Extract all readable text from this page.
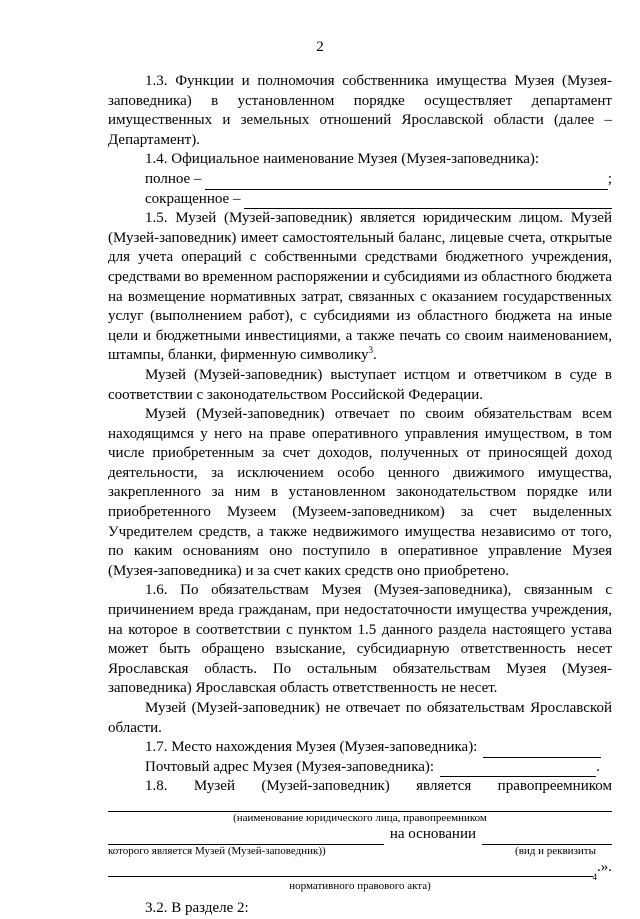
2

1.3. Функции и полномочия собственника имущества Музея (Музея-заповедника) в установленном порядке осуществляет департамент имущественных и земельных отношений Ярославской области (далее – Департамент).

1.4. Официальное наименование Музея (Музея-заповедника):

полное –	;
сокращенное –

1.5. Музей (Музей-заповедник) является юридическим лицом. Музей (Музей-заповедник) имеет самостоятельный баланс, лицевые счета, открытые для учета операций с собственными средствами бюджетного учреждения, средствами во временном распоряжении и субсидиями из областного бюджета на возмещение нормативных затрат, связанных с оказанием государственных услуг (выполнением работ), с субсидиями из областного бюджета на иные цели и бюджетными инвестициями, а также печать со своим наименованием, штампы, бланки, фирменную символику$^3$.

Музей (Музей-заповедник) выступает истцом и ответчиком в суде в соответствии с законодательством Российской Федерации.

Музей (Музей-заповедник) отвечает по своим обязательствам всем находящимся у него на праве оперативного управления имуществом, в том числе приобретенным за счет доходов, полученных от приносящей доход деятельности, за исключением особо ценного движимого имущества, закрепленного за ним в установленном законодательством порядке или приобретенного Музеем (Музеем-заповедником) за счет выделенных Учредителем средств, а также недвижимого имущества независимо от того, по каким основаниям оно поступило в оперативное управление Музея (Музея-заповедника) и за счет каких средств оно приобретено.

1.6. По обязательствам Музея (Музея-заповедника), связанным с причинением вреда гражданам, при недостаточности имущества учреждения, на которое в соответствии с пунктом 1.5 данного раздела настоящего устава может быть обращено взыскание, субсидиарную ответственность несет Ярославская область. По остальным обязательствам Музея (Музея-заповедника) Ярославская область ответственность не несет.

Музей (Музей-заповедник) не отвечает по обязательствам Ярославской области.

1.7. Место нахождения Музея (Музея-заповедника):
Почтовый адрес Музея (Музея-заповедника):	.
1.8. Музей (Музей-заповедник) является правопреемником
(наименование юридического лица, правопреемником
на основании
которого является Музей (Музей-заповедник))	(вид и реквизиты
4
.».
нормативного правового акта)

3.2. В разделе 2:
